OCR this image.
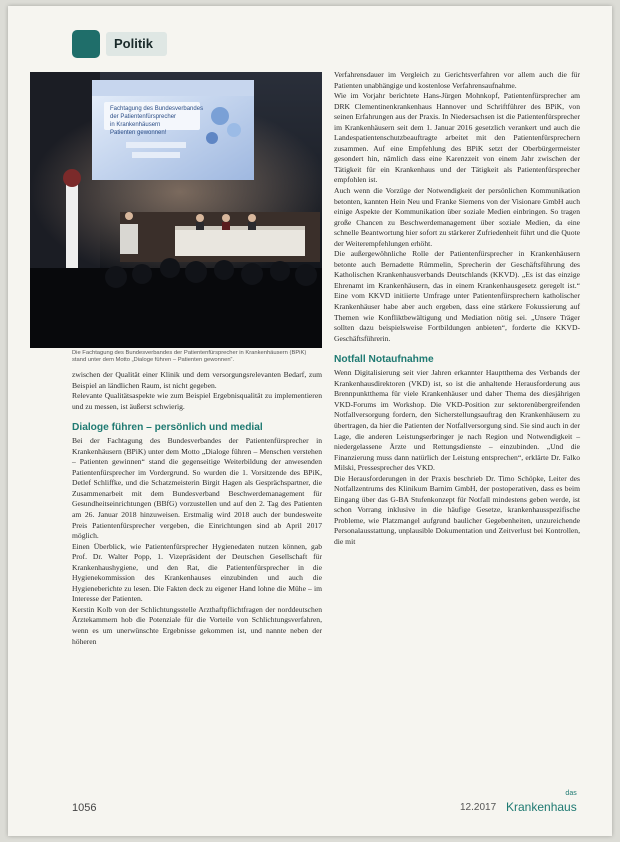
Politik
Fachtagung des Bundesverbandes
der Patientenfürsprecher
in Krankenhäusern
Patienten gewonnen!
Die Fachtagung des Bundesverbandes der Patientenfürsprecher in Krankenhäusern (BPiK) stand unter dem Motto „Dialoge führen – Patienten gewonnen“.

zwischen der Qualität einer Klinik und dem versorgungsrelevanten Bedarf, zum Beispiel an ländlichen Raum, ist nicht gegeben.

Relevante Qualitätsaspekte wie zum Beispiel Ergebnisqualität zu implementieren und zu messen, ist äußerst schwierig.

Dialoge führen – persönlich und medial

Bei der Fachtagung des Bundesverbandes der Patientenfürsprecher in Krankenhäusern (BPiK) unter dem Motto „Dialoge führen – Menschen verstehen – Patienten gewinnen“ stand die gegenseitige Weiterbildung der anwesenden Patientenfürsprecher im Vordergrund. So wurden die 1. Vorsitzende des BPiK, Detlef Schliffke, und die Schatzmeisterin Birgit Hagen als Gesprächspartner, die Zusammenarbeit mit dem Bundesverband Beschwerdemanagement für Gesundheitseinrichtungen (BBfG) vorzustellen und auf den 2. Tag des Patienten am 26. Januar 2018 hinzuweisen. Erstmalig wird 2018 auch der bundesweite Preis Patientenfürsprecher vergeben, die Einrichtungen sind ab April 2017 möglich.

Einen Überblick, wie Patientenfürsprecher Hygienedaten nutzen können, gab Prof. Dr. Walter Popp, 1. Vizepräsident der Deutschen Gesellschaft für Krankenhaushygiene, und den Rat, die Patientenfürsprecher in die Hygienekommission des Krankenhauses einzubinden und auch die Hygieneberichte zu lesen. Die Fakten deck zu eigener Hand lohne die Mühe – im Interesse der Patienten.

Kerstin Kolb von der Schlichtungsstelle Arzthaftpflichtfragen der norddeutschen Ärztekammern hob die Potenziale für die Vorteile von Schlichtungsverfahren, wenn es um unerwünschte Ergebnisse gekommen ist, und nannte neben der höheren

Verfahrensdauer im Vergleich zu Gerichtsverfahren vor allem auch die für Patienten unabhängige und kostenlose Verfahrensaufnahme.

Wie im Vorjahr berichtete Hans-Jürgen Mohnkopf, Patientenfürsprecher am DRK Clementinenkrankenhaus Hannover und Schriftführer des BPiK, von seinen Erfahrungen aus der Praxis. In Niedersachsen ist die Patientenfürsprecher im Krankenhäusern seit dem 1. Januar 2016 gesetzlich verankert und auch die Landespatientenschutzbeauftragte arbeitet mit den Patientenfürsprechern zusammen. Auf eine Empfehlung des BPiK setzt der Oberbürgermeister gesondert hin, nämlich dass eine Karenzzeit von einem Jahr zwischen der Tätigkeit für ein Krankenhaus und der Tätigkeit als Patientenfürsprecher empfohlen ist.

Auch wenn die Vorzüge der Notwendigkeit der persönlichen Kommunikation betonten, kannten Hein Neu und Franke Siemens von der Visionare GmbH auch einige Aspekte der Kommunikation über soziale Medien einbringen. So tragen große Chancen zu Beschwerdemanagement über soziale Medien, da eine schnelle Beantwortung hier sofort zu stärkerer Zufriedenheit führt und die Quote der Weiterempfehlungen erhöht.

Die außergewöhnliche Rolle der Patientenfürsprecher in Krankenhäusern betonte auch Bernadette Rümmelin, Sprecherin der Geschäftsführung des Katholischen Krankenhausverbands Deutschlands (KKVD). „Es ist das einzige Ehrenamt im Krankenhäusern, das in einem Krankenhausgesetz geregelt ist.“ Eine vom KKVD initiierte Umfrage unter Patientenfürsprechern katholischer Krankenhäuser habe aber auch ergeben, dass eine stärkere Fokussierung auf Themen wie Konfliktbewältigung und Mediation nötig sei. „Unsere Träger sollten dazu beispielsweise Fortbildungen anbieten“, forderte die KKVD-Geschäftsführerin.

Notfall Notaufnahme

Wenn Digitalisierung seit vier Jahren erkannter Hauptthema des Verbands der Krankenhausdirektoren (VKD) ist, so ist die anhaltende Herausforderung aus Brennpunktthema für viele Krankenhäuser und daher Thema des diesjährigen VKD-Forums im Workshop. Die VKD-Position zur sektorenübergreifenden Notfallversorgung fordern, den Sicherstellungsauftrag den Krankenhäusern zu übertragen, da hier die Patienten der Notfallversorgung sind. Sie sind auch in der Lage, die anderen Leistungserbringer je nach Region und Notwendigkeit – niedergelassene Ärzte und Rettungsdienste – einzubinden. „Und die Finanzierung muss dann natürlich der Leistung entsprechen“, erklärte Dr. Falko Milski, Pressesprecher des VKD.

Die Herausforderungen in der Praxis beschrieb Dr. Timo Schöpke, Leiter des Notfallzentrums des Klinikum Barnim GmbH, der postoperativen, dass es beim Eingang über das G-BA Stufenkonzept für Notfall mindestens geben werde, ist schon Vorrang inklusive in die häufige Gesetze, krankenhausspezifische Probleme, wie Platzmangel aufgrund baulicher Gegebenheiten, unzureichende Personalausstattung, unplausible Dokumentation und Zeitverlust bei Kontrollen, die mit

1056	12.2017
das
Krankenhaus
